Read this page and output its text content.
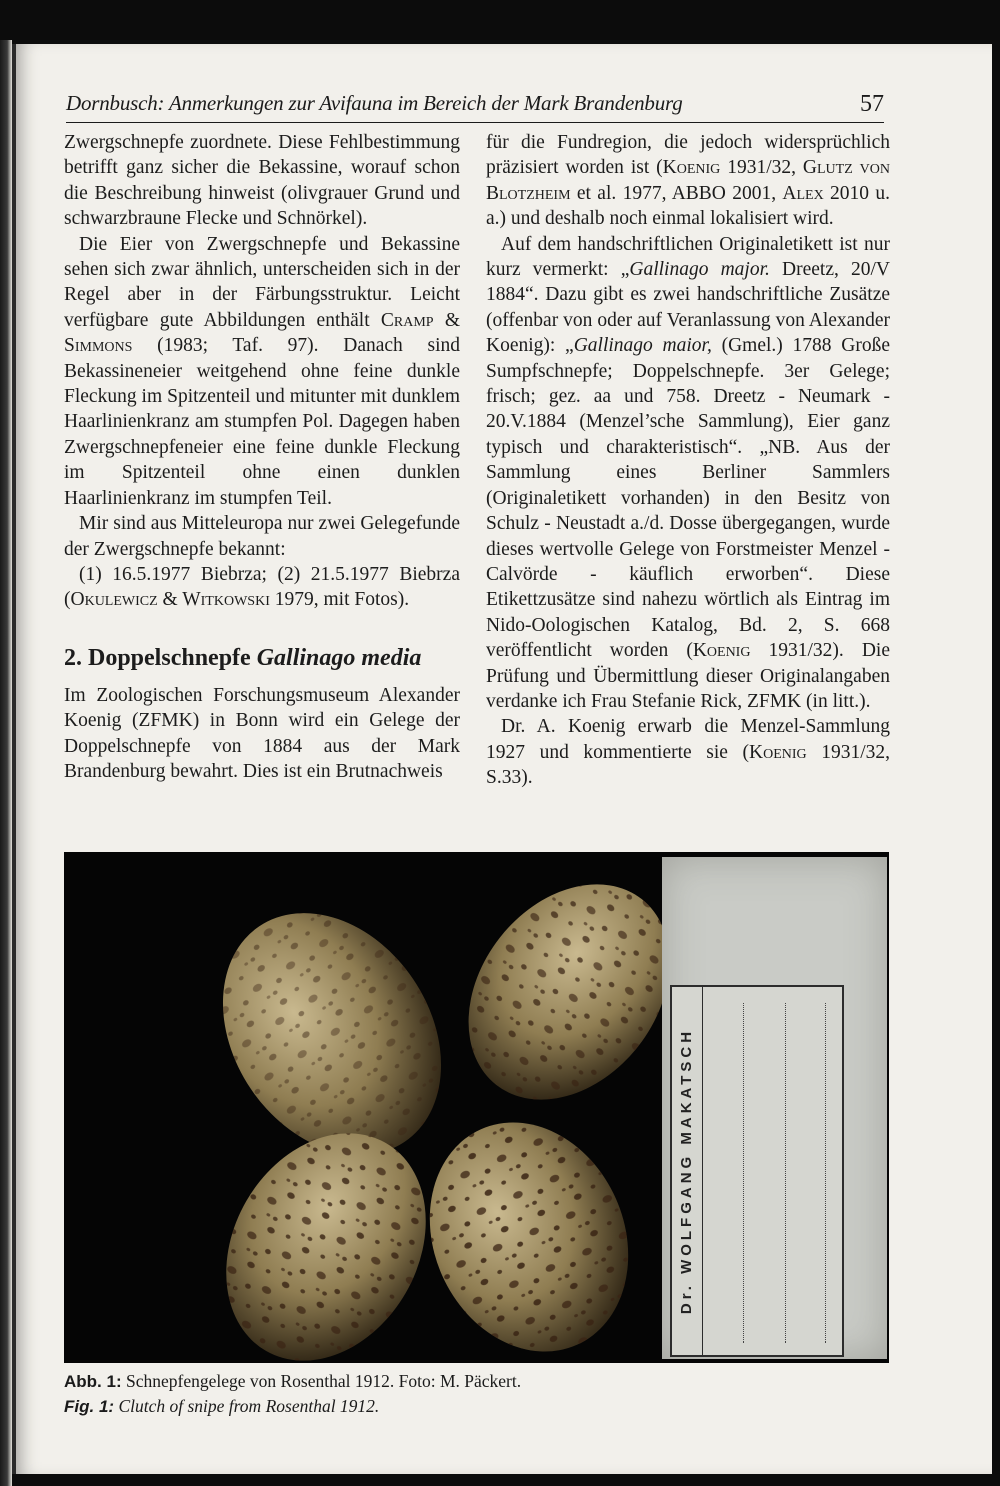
Dornbusch: Anmerkungen zur Avifauna im Bereich der Mark Brandenburg	57

Zwergschnepfe zuordnete. Diese Fehlbestimmung betrifft ganz sicher die Bekassine, worauf schon die Beschreibung hinweist (olivgrauer Grund und schwarzbraune Flecke und Schnörkel).

Die Eier von Zwergschnepfe und Bekassine sehen sich zwar ähnlich, unterscheiden sich in der Regel aber in der Färbungsstruktur. Leicht verfügbare gute Abbildungen enthält Cramp & Simmons (1983; Taf. 97). Danach sind Bekassineneier weitgehend ohne feine dunkle Fleckung im Spitzenteil und mitunter mit dunklem Haarlinienkranz am stumpfen Pol. Dagegen haben Zwergschnepfeneier eine feine dunkle Fleckung im Spitzenteil ohne einen dunklen Haarlinienkranz im stumpfen Teil.

Mir sind aus Mitteleuropa nur zwei Gelegefunde der Zwergschnepfe bekannt:

(1) 16.5.1977 Biebrza; (2) 21.5.1977 Biebrza (Okulewicz & Witkowski 1979, mit Fotos).

2. Doppelschnepfe Gallinago media

Im Zoologischen Forschungsmuseum Alexander Koenig (ZFMK) in Bonn wird ein Gelege der Doppelschnepfe von 1884 aus der Mark Brandenburg bewahrt. Dies ist ein Brutnachweis

für die Fundregion, die jedoch widersprüchlich präzisiert worden ist (Koenig 1931/32, Glutz von Blotzheim et al. 1977, ABBO 2001, Alex 2010 u. a.) und deshalb noch einmal lokalisiert wird.

Auf dem handschriftlichen Originaletikett ist nur kurz vermerkt: „Gallinago major. Dreetz, 20/V 1884“. Dazu gibt es zwei handschriftliche Zusätze (offenbar von oder auf Veranlassung von Alexander Koenig): „Gallinago maior, (Gmel.) 1788 Große Sumpfschnepfe; Doppelschnepfe. 3er Gelege; frisch; gez. aa und 758. Dreetz - Neumark - 20.V.1884 (Menzel’sche Sammlung), Eier ganz typisch und charakteristisch“. „NB. Aus der Sammlung eines Berliner Sammlers (Originaletikett vorhanden) in den Besitz von Schulz - Neustadt a./d. Dosse übergegangen, wurde dieses wertvolle Gelege von Forstmeister Menzel - Calvörde - käuflich erworben“. Diese Etikettzusätze sind nahezu wörtlich als Eintrag im Nido-Oologischen Katalog, Bd. 2, S. 668 veröffentlicht worden (Koenig 1931/32). Die Prüfung und Übermittlung dieser Originalangaben verdanke ich Frau Stefanie Rick, ZFMK (in litt.).

Dr. A. Koenig erwarb die Menzel-Sammlung 1927 und kommentierte sie (Koenig 1931/32, S.33).

Dr. WOLFGANG MAKATSCH
Abb. 1: Schnepfengelege von Rosenthal 1912. Foto: M. Päckert.
Fig. 1: Clutch of snipe from Rosenthal 1912.
